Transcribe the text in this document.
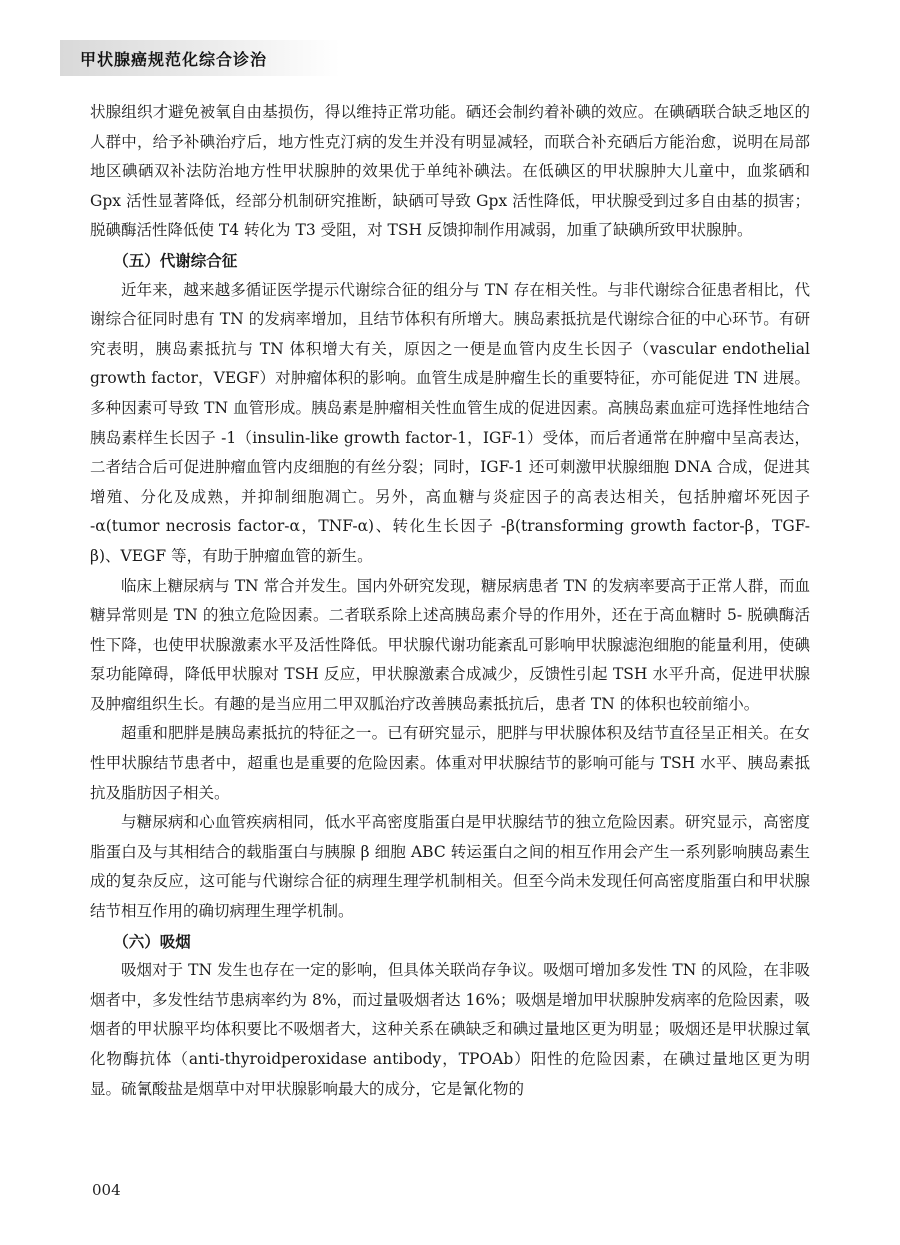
甲状腺癌规范化综合诊治

状腺组织才避免被氧自由基损伤，得以维持正常功能。硒还会制约着补碘的效应。在碘硒联合缺乏地区的人群中，给予补碘治疗后，地方性克汀病的发生并没有明显减轻，而联合补充硒后方能治愈，说明在局部地区碘硒双补法防治地方性甲状腺肿的效果优于单纯补碘法。在低碘区的甲状腺肿大儿童中，血浆硒和 Gpx 活性显著降低，经部分机制研究推断，缺硒可导致 Gpx 活性降低，甲状腺受到过多自由基的损害；脱碘酶活性降低使 T4 转化为 T3 受阻，对 TSH 反馈抑制作用减弱，加重了缺碘所致甲状腺肿。

（五）代谢综合征

近年来，越来越多循证医学提示代谢综合征的组分与 TN 存在相关性。与非代谢综合征患者相比，代谢综合征同时患有 TN 的发病率增加，且结节体积有所增大。胰岛素抵抗是代谢综合征的中心环节。有研究表明，胰岛素抵抗与 TN 体积增大有关，原因之一便是血管内皮生长因子（vascular endothelial growth factor，VEGF）对肿瘤体积的影响。血管生成是肿瘤生长的重要特征，亦可能促进 TN 进展。多种因素可导致 TN 血管形成。胰岛素是肿瘤相关性血管生成的促进因素。高胰岛素血症可选择性地结合胰岛素样生长因子 -1（insulin-like growth factor-1，IGF-1）受体，而后者通常在肿瘤中呈高表达，二者结合后可促进肿瘤血管内皮细胞的有丝分裂；同时，IGF-1 还可刺激甲状腺细胞 DNA 合成，促进其增殖、分化及成熟，并抑制细胞凋亡。另外，高血糖与炎症因子的高表达相关，包括肿瘤坏死因子 -α(tumor necrosis factor-α，TNF-α)、转化生长因子 -β(transforming growth factor-β，TGF-β)、VEGF 等，有助于肿瘤血管的新生。

临床上糖尿病与 TN 常合并发生。国内外研究发现，糖尿病患者 TN 的发病率要高于正常人群，而血糖异常则是 TN 的独立危险因素。二者联系除上述高胰岛素介导的作用外，还在于高血糖时 5- 脱碘酶活性下降，也使甲状腺激素水平及活性降低。甲状腺代谢功能紊乱可影响甲状腺滤泡细胞的能量利用，使碘泵功能障碍，降低甲状腺对 TSH 反应，甲状腺激素合成减少，反馈性引起 TSH 水平升高，促进甲状腺及肿瘤组织生长。有趣的是当应用二甲双胍治疗改善胰岛素抵抗后，患者 TN 的体积也较前缩小。

超重和肥胖是胰岛素抵抗的特征之一。已有研究显示，肥胖与甲状腺体积及结节直径呈正相关。在女性甲状腺结节患者中，超重也是重要的危险因素。体重对甲状腺结节的影响可能与 TSH 水平、胰岛素抵抗及脂肪因子相关。

与糖尿病和心血管疾病相同，低水平高密度脂蛋白是甲状腺结节的独立危险因素。研究显示，高密度脂蛋白及与其相结合的载脂蛋白与胰腺 β 细胞 ABC 转运蛋白之间的相互作用会产生一系列影响胰岛素生成的复杂反应，这可能与代谢综合征的病理生理学机制相关。但至今尚未发现任何高密度脂蛋白和甲状腺结节相互作用的确切病理生理学机制。

（六）吸烟

吸烟对于 TN 发生也存在一定的影响，但具体关联尚存争议。吸烟可增加多发性 TN 的风险，在非吸烟者中，多发性结节患病率约为 8%，而过量吸烟者达 16%；吸烟是增加甲状腺肿发病率的危险因素，吸烟者的甲状腺平均体积要比不吸烟者大，这种关系在碘缺乏和碘过量地区更为明显；吸烟还是甲状腺过氧化物酶抗体（anti-thyroidperoxidase antibody，TPOAb）阳性的危险因素，在碘过量地区更为明显。硫氰酸盐是烟草中对甲状腺影响最大的成分，它是氰化物的

004
